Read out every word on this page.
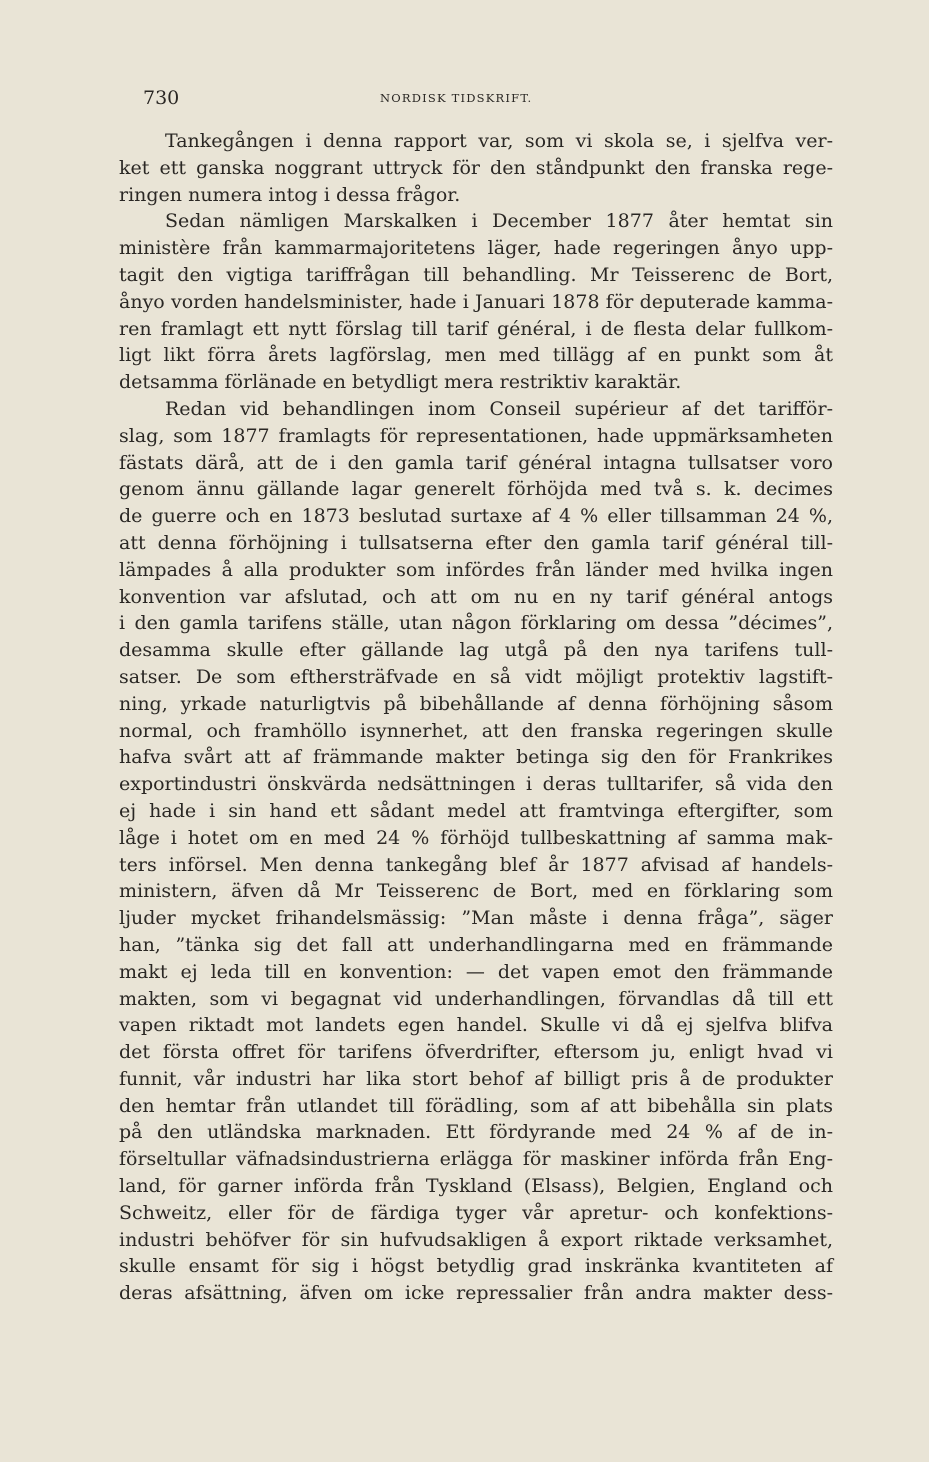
730	NORDISK TIDSKRIFT.
Tankegången i denna rapport var, som vi skola se, i sjelfva ver-
ket ett ganska noggrant uttryck för den ståndpunkt den franska rege-
ringen numera intog i dessa frågor.
Sedan nämligen Marskalken i December 1877 åter hemtat sin
ministère från kammarmajoritetens läger, hade regeringen ånyo upp-
tagit den vigtiga tariffrågan till behandling. Mr Teisserenc de Bort,
ånyo vorden handelsminister, hade i Januari 1878 för deputerade kamma-
ren framlagt ett nytt förslag till tarif général, i de flesta delar fullkom-
ligt likt förra årets lagförslag, men med tillägg af en punkt som åt
detsamma förlänade en betydligt mera restriktiv karaktär.
Redan vid behandlingen inom Conseil supérieur af det tarifför-
slag, som 1877 framlagts för representationen, hade uppmärksamheten
fästats därå, att de i den gamla tarif général intagna tullsatser voro
genom ännu gällande lagar generelt förhöjda med två s. k. decimes
de guerre och en 1873 beslutad surtaxe af 4 % eller tillsamman 24 %,
att denna förhöjning i tullsatserna efter den gamla tarif général till-
lämpades å alla produkter som infördes från länder med hvilka ingen
konvention var afslutad, och att om nu en ny tarif général antogs
i den gamla tarifens ställe, utan någon förklaring om dessa ”décimes”,
desamma skulle efter gällande lag utgå på den nya tarifens tull-
satser. De som efthersträfvade en så vidt möjligt protektiv lagstift-
ning, yrkade naturligtvis på bibehållande af denna förhöjning såsom
normal, och framhöllo isynnerhet, att den franska regeringen skulle
hafva svårt att af främmande makter betinga sig den för Frankrikes
exportindustri önskvärda nedsättningen i deras tulltarifer, så vida den
ej hade i sin hand ett sådant medel att framtvinga eftergifter, som
låge i hotet om en med 24 % förhöjd tullbeskattning af samma mak-
ters införsel. Men denna tankegång blef år 1877 afvisad af handels-
ministern, äfven då Mr Teisserenc de Bort, med en förklaring som
ljuder mycket frihandelsmässig: ”Man måste i denna fråga”, säger
han, ”tänka sig det fall att underhandlingarna med en främmande
makt ej leda till en konvention: — det vapen emot den främmande
makten, som vi begagnat vid underhandlingen, förvandlas då till ett
vapen riktadt mot landets egen handel. Skulle vi då ej sjelfva blifva
det första offret för tarifens öfverdrifter, eftersom ju, enligt hvad vi
funnit, vår industri har lika stort behof af billigt pris å de produkter
den hemtar från utlandet till förädling, som af att bibehålla sin plats
på den utländska marknaden. Ett fördyrande med 24 % af de in-
förseltullar väfnadsindustrierna erlägga för maskiner införda från Eng-
land, för garner införda från Tyskland (Elsass), Belgien, England och
Schweitz, eller för de färdiga tyger vår apretur- och konfektions-
industri behöfver för sin hufvudsakligen å export riktade verksamhet,
skulle ensamt för sig i högst betydlig grad inskränka kvantiteten af
deras afsättning, äfven om icke repressalier från andra makter dess-
